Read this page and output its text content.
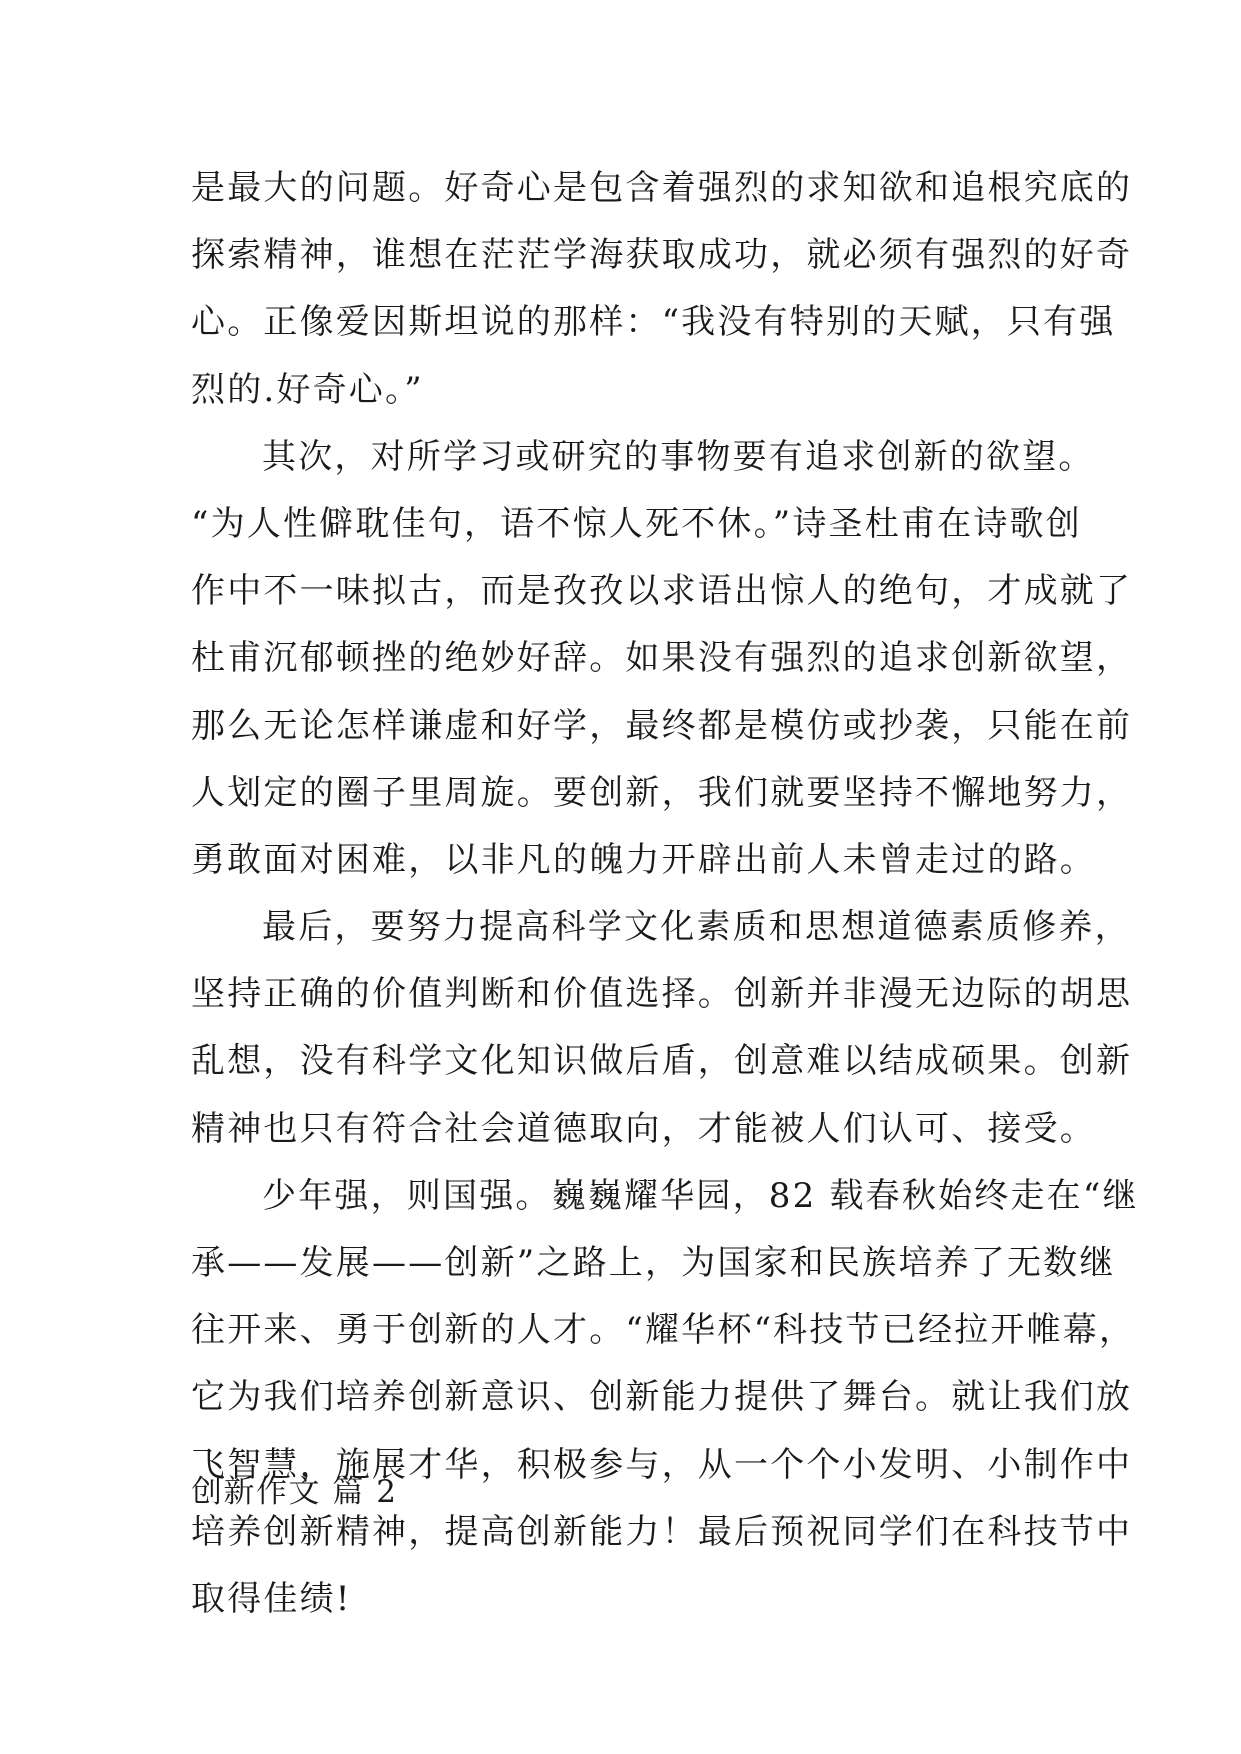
是最大的问题。好奇心是包含着强烈的求知欲和追根究底的
探索精神，谁想在茫茫学海获取成功，就必须有强烈的好奇
心。正像爱因斯坦说的那样：“我没有特别的天赋，只有强
烈的.好奇心。”
其次，对所学习或研究的事物要有追求创新的欲望。
“为人性僻耽佳句，语不惊人死不休。”诗圣杜甫在诗歌创
作中不一味拟古，而是孜孜以求语出惊人的绝句，才成就了
杜甫沉郁顿挫的绝妙好辞。如果没有强烈的追求创新欲望，
那么无论怎样谦虚和好学，最终都是模仿或抄袭，只能在前
人划定的圈子里周旋。要创新，我们就要坚持不懈地努力，
勇敢面对困难，以非凡的魄力开辟出前人未曾走过的路。
最后，要努力提高科学文化素质和思想道德素质修养，
坚持正确的价值判断和价值选择。创新并非漫无边际的胡思
乱想，没有科学文化知识做后盾，创意难以结成硕果。创新
精神也只有符合社会道德取向，才能被人们认可、接受。
少年强，则国强。巍巍耀华园，82 载春秋始终走在“继
承——发展——创新”之路上，为国家和民族培养了无数继
往开来、勇于创新的人才。“耀华杯“科技节已经拉开帷幕，
它为我们培养创新意识、创新能力提供了舞台。就让我们放
飞智慧，施展才华，积极参与，从一个个小发明、小制作中
培养创新精神，提高创新能力！最后预祝同学们在科技节中
取得佳绩!
创新作文 篇 2
